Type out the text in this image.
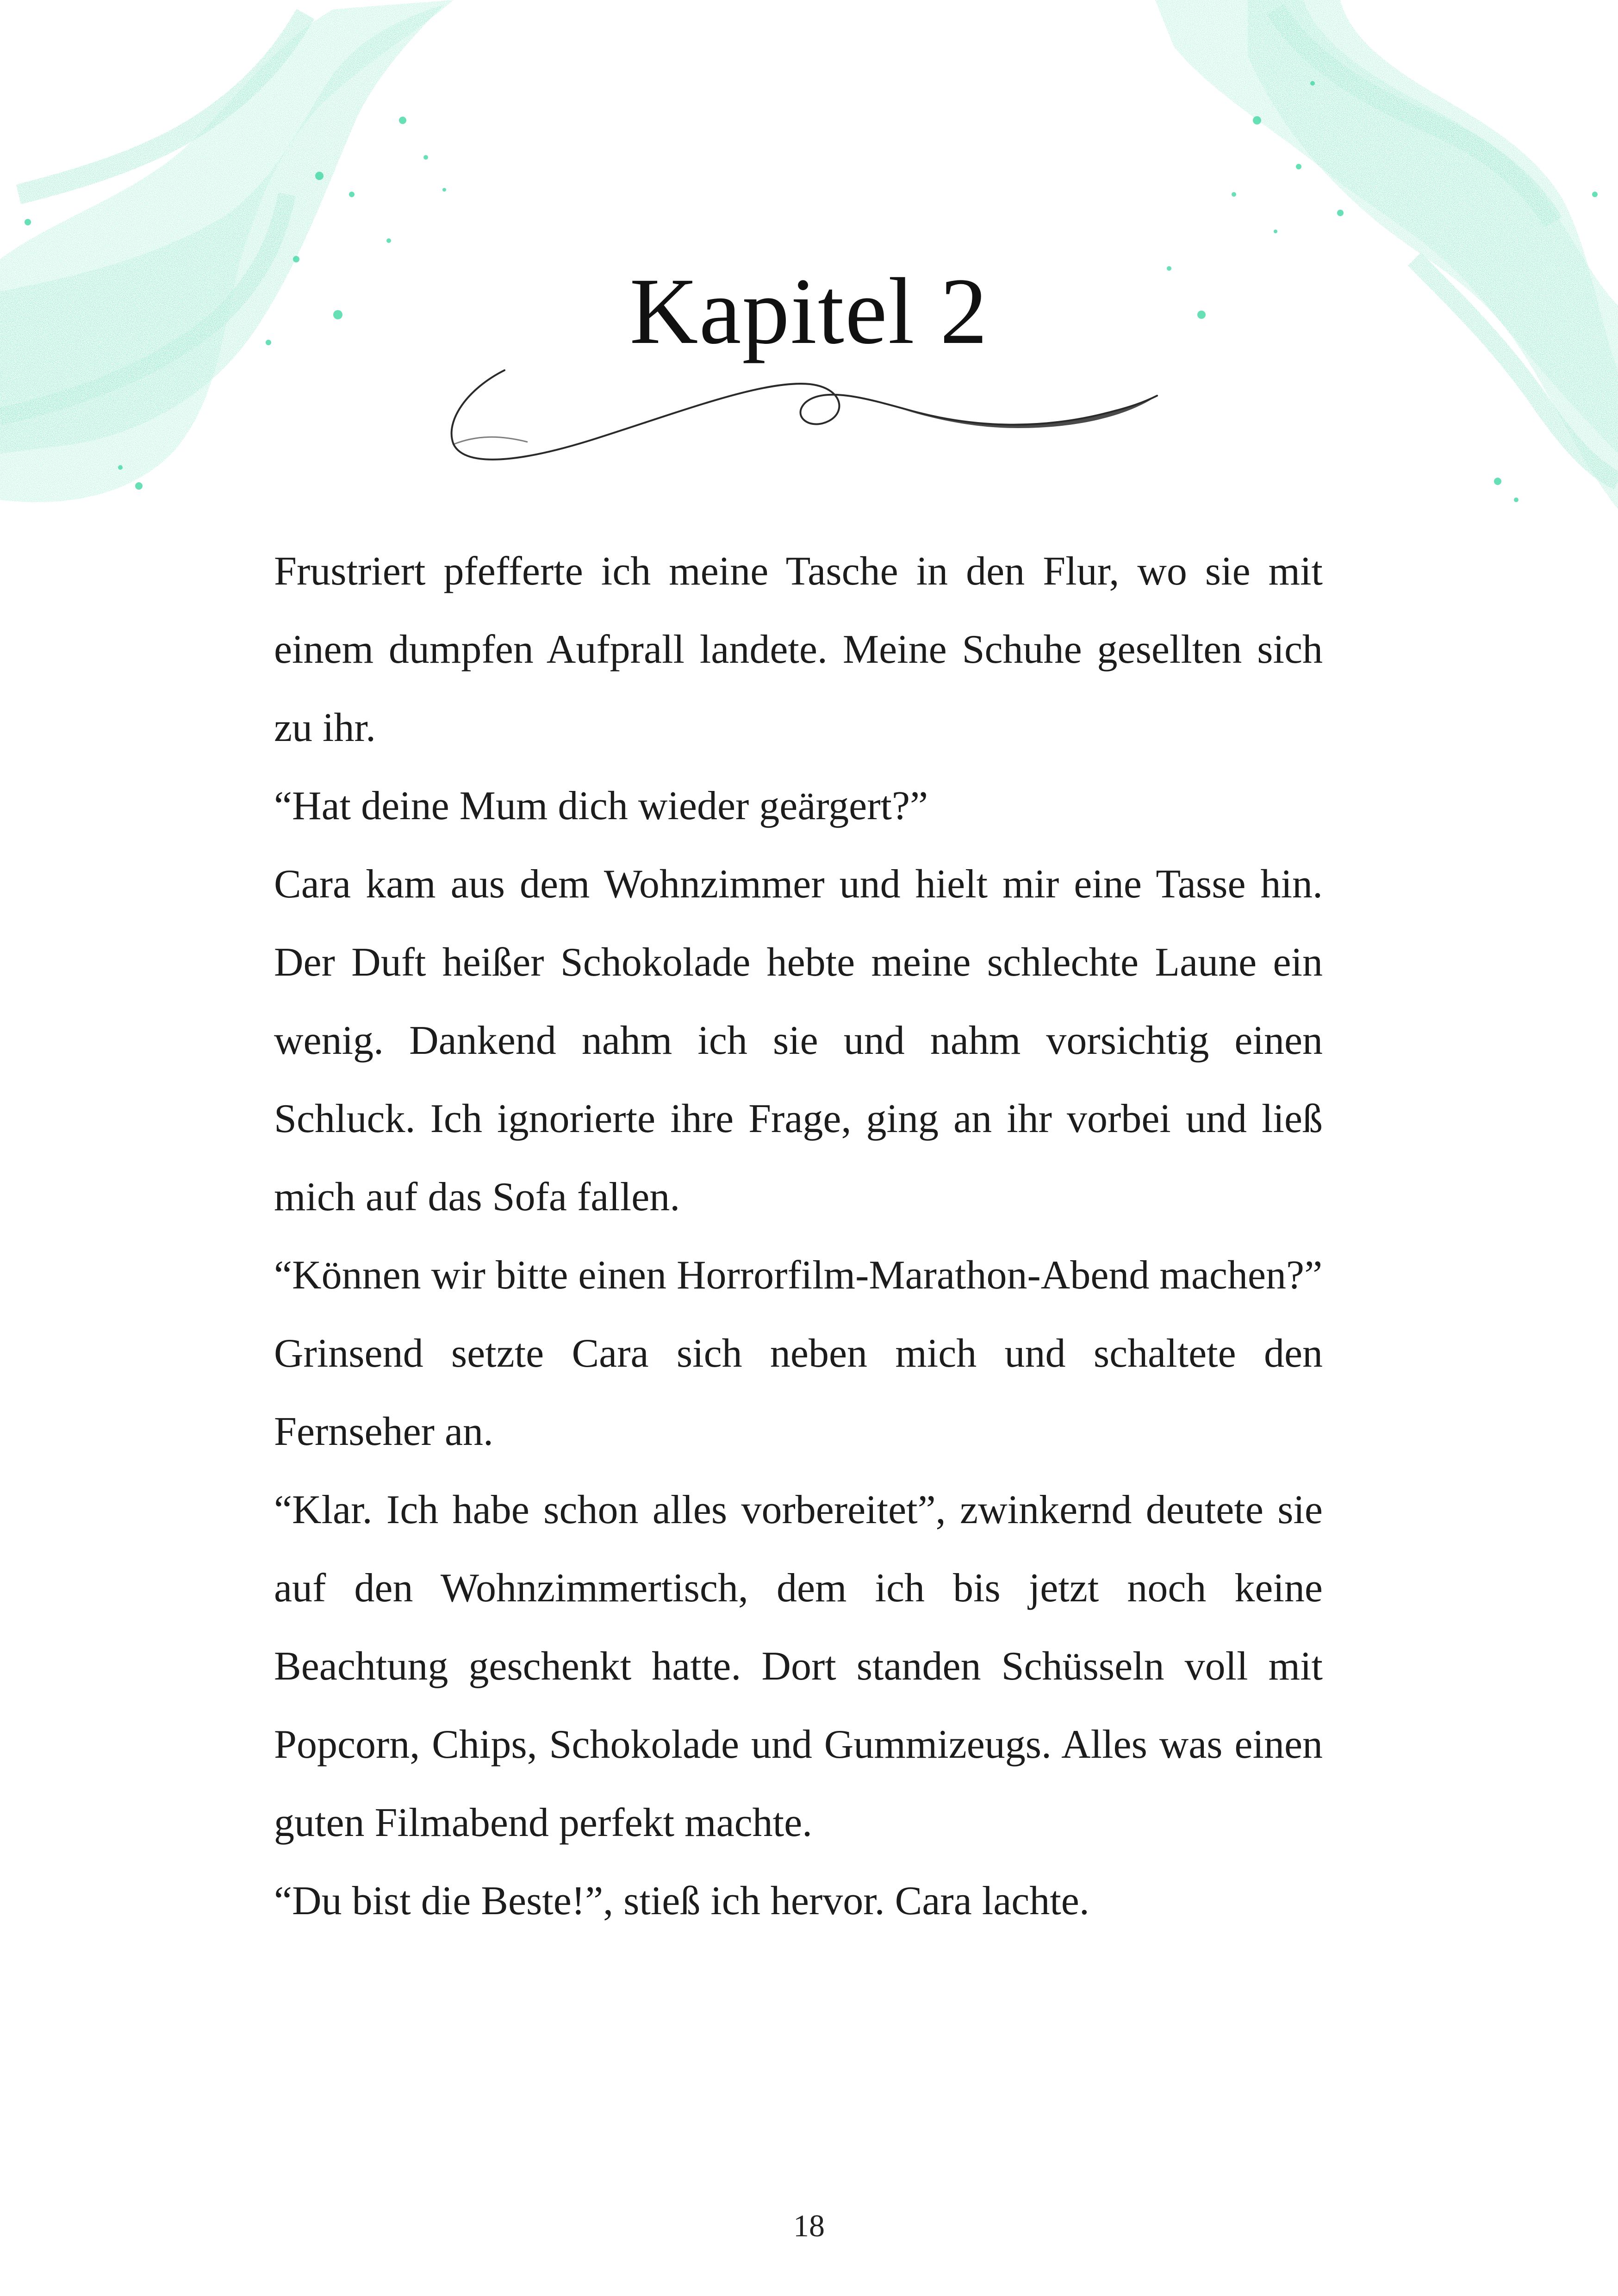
Kapitel 2

Frustriert pfefferte ich meine Tasche in den Flur, wo sie mit einem dumpfen Aufprall landete. Meine Schuhe gesellten sich zu ihr.

“Hat deine Mum dich wieder geärgert?”

Cara kam aus dem Wohnzimmer und hielt mir eine Tasse hin. Der Duft heißer Schokolade hebte meine schlechte Laune ein wenig. Dankend nahm ich sie und nahm vorsichtig einen Schluck. Ich ignorierte ihre Frage, ging an ihr vorbei und ließ mich auf das Sofa fallen.

“Können wir bitte einen Horrorfilm-Marathon-Abend machen?”

Grinsend setzte Cara sich neben mich und schaltete den Fernseher an.

“Klar. Ich habe schon alles vorbereitet”, zwinkernd deutete sie auf den Wohnzimmertisch, dem ich bis jetzt noch keine Beachtung geschenkt hatte. Dort standen Schüsseln voll mit Popcorn, Chips, Schokolade und Gummizeugs. Alles was einen guten Filmabend perfekt machte.

“Du bist die Beste!”, stieß ich hervor. Cara lachte.

18
